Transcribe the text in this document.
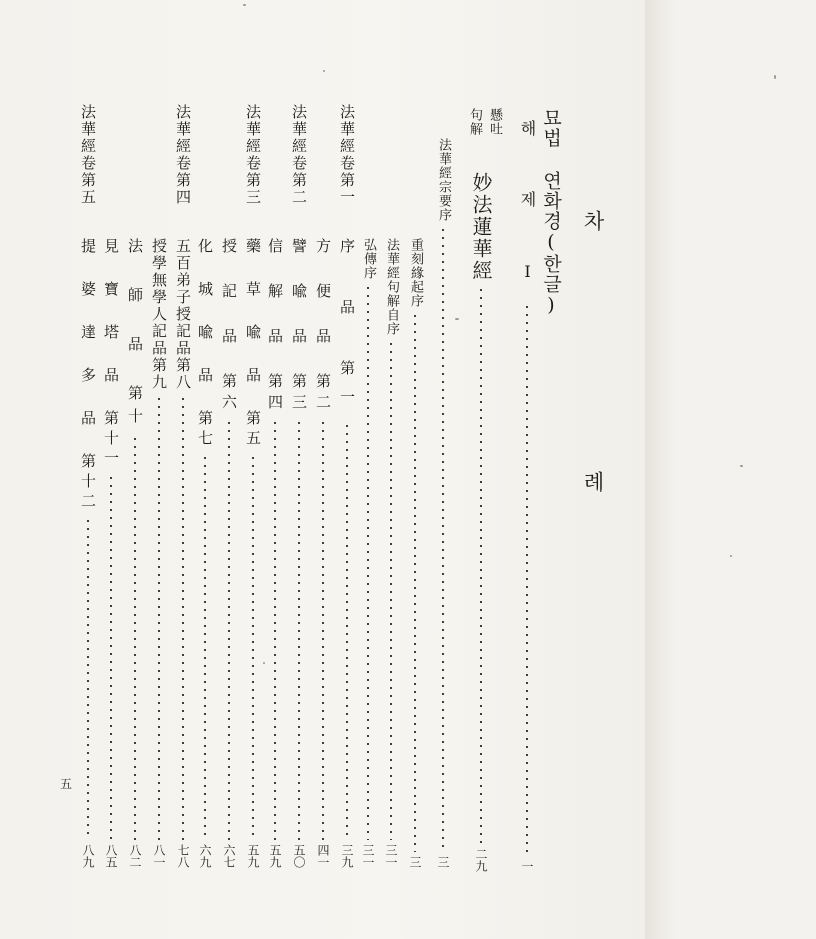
차 례
묘법 연화경(한글)
해 제 I
一
妙法蓮華經
二九
懸吐
句解
法華經宗要序
三
重刻緣起序
三
法華經句解自序
三一
弘傳序
三一
法華經卷第一
序 品 第一
三九
方 便 品 第二
四一
法華經卷第二
譬 喩 品 第三
五〇
信 解 品 第四
五九
法華經卷第三
藥 草 喩 品 第五
五九
授 記 品 第六
六七
化 城 喩 品 第七
六九
法華經卷第四
五百弟子授記品第八
七八
授學無學人記品第九
八一
法 師 品 第十
八二
見 寶 塔 品 第十一
八五
法華經卷第五
提 婆 達 多 品 第十二
八九
五
